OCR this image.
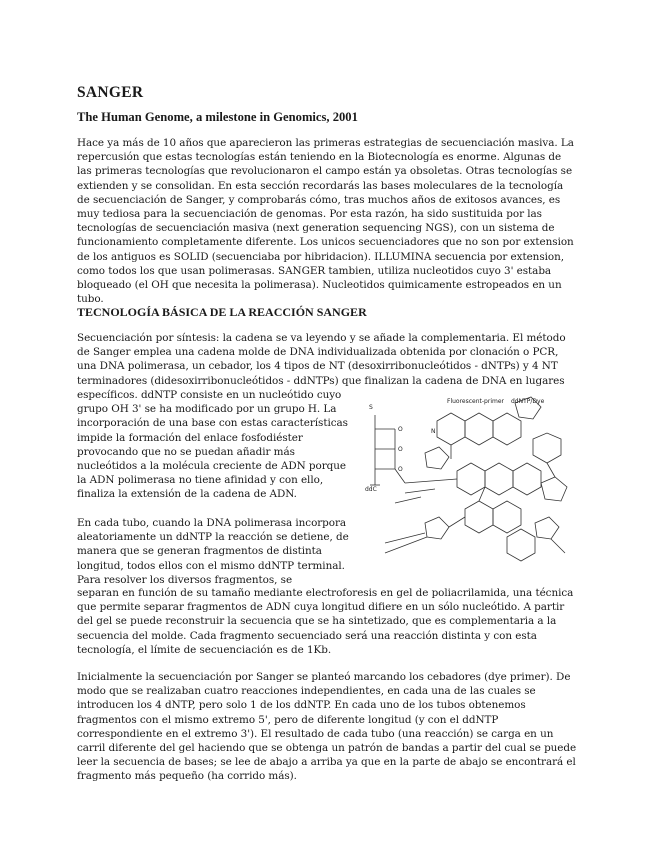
SANGER
The Human Genome, a milestone in Genomics, 2001

Hace ya más de 10 años que aparecieron las primeras estrategias de secuenciación masiva. La repercusión que estas tecnologías están teniendo en la Biotecnología es enorme. Algunas de las primeras tecnologías que revolucionaron el campo están ya obsoletas. Otras tecnologías se extienden y se consolidan. En esta sección recordarás las bases moleculares de la tecnología de secuenciación de Sanger, y comprobarás cómo, tras muchos años de exitosos avances, es muy tediosa para la secuenciación de genomas. Por esta razón, ha sido sustituida por las tecnologías de secuenciación masiva (next generation sequencing NGS), con un sistema de funcionamiento completamente diferente. Los unicos secuenciadores que no son por extension de los antiguos es SOLID (secuenciaba por hibridacion). ILLUMINA secuencia por extension, como todos los que usan polimerasas. SANGER tambien, utiliza nucleotidos cuyo 3' estaba bloqueado (el OH que necesita la polimerasa). Nucleotidos quimicamente estropeados en un tubo.

TECNOLOGÍA BÁSICA DE LA REACCIÓN SANGER

Secuenciación por síntesis: la cadena se va leyendo y se añade la complementaria. El método de Sanger emplea una cadena molde de DNA individualizada obtenida por clonación o PCR, una DNA polimerasa, un cebador, los 4 tipos de NT (desoxirribonucleótidos - dNTPs) y 4 NT terminadores (didesoxirribonucleótidos - ddNTPs) que finalizan la cadena de DNA en lugares

específicos. ddNTP consiste en un nucleótido cuyo grupo OH 3' se ha modificado por un grupo H. La incorporación de una base con estas características impide la formación del enlace fosfodiéster provocando que no se puedan añadir más nucleótidos a la molécula creciente de ADN porque la ADN polimerasa no tiene afinidad y con ello, finaliza la extensión de la cadena de ADN.

En cada tubo, cuando la DNA polimerasa incorpora aleatoriamente un ddNTP la reacción se detiene, de manera que se generan fragmentos de distinta longitud, todos ellos con el mismo ddNTP terminal. Para resolver los diversos fragmentos, se

separan en función de su tamaño mediante electroforesis en gel de poliacrilamida, una técnica que permite separar fragmentos de ADN cuya longitud difiere en un sólo nucleótido. A partir del gel se puede reconstruir la secuencia que se ha sintetizado, que es complementaria a la secuencia del molde. Cada fragmento secuenciado será una reacción distinta y con esta tecnología, el límite de secuenciación es de 1Kb.

Inicialmente la secuenciación por Sanger se planteó marcando los cebadores (dye primer). De modo que se realizaban cuatro reacciones independientes, en cada una de las cuales se introducen los 4 dNTP, pero solo 1 de los ddNTP. En cada uno de los tubos obtenemos fragmentos con el mismo extremo 5', pero de diferente longitud (y con el ddNTP correspondiente en el extremo 3'). El resultado de cada tubo (una reacción) se carga en un carril diferente del gel haciendo que se obtenga un patrón de bandas a partir del cual se puede leer la secuencia de bases; se lee de abajo a arriba ya que en la parte de abajo se encontrará el fragmento más pequeño (ha corrido más).

S
O
O
O
N
ddC
Fluorescent-primer ddNTP/Dye
